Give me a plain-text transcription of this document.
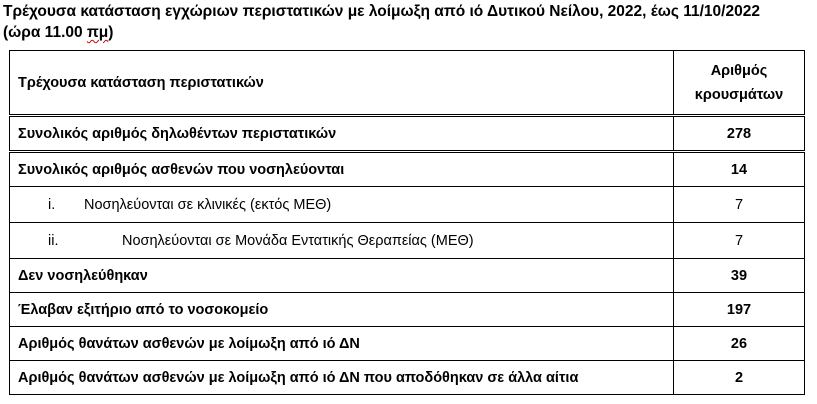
Τρέχουσα κατάσταση εγχώριων περιστατικών με λοίμωξη από ιό Δυτικού Νείλου, 2022, έως 11/10/2022
(ώρα 11.00 πμ)
Τρέχουσα κατάσταση περιστατικών	Αριθμός
κρουσμάτων

Συνολικός αριθμός δηλωθέντων περιστατικών	278
Συνολικός αριθμός ασθενών που νοσηλεύονται	14
i. Νοσηλεύονται σε κλινικές (εκτός ΜΕΘ)	7
ii. Νοσηλεύονται σε Μονάδα Εντατικής Θεραπείας (ΜΕΘ)	7
Δεν νοσηλεύθηκαν	39
Έλαβαν εξιτήριο από το νοσοκομείο	197
Αριθμός θανάτων ασθενών με λοίμωξη από ιό ΔΝ	26
Αριθμός θανάτων ασθενών με λοίμωξη από ιό ΔΝ που αποδόθηκαν σε άλλα αίτια	2
